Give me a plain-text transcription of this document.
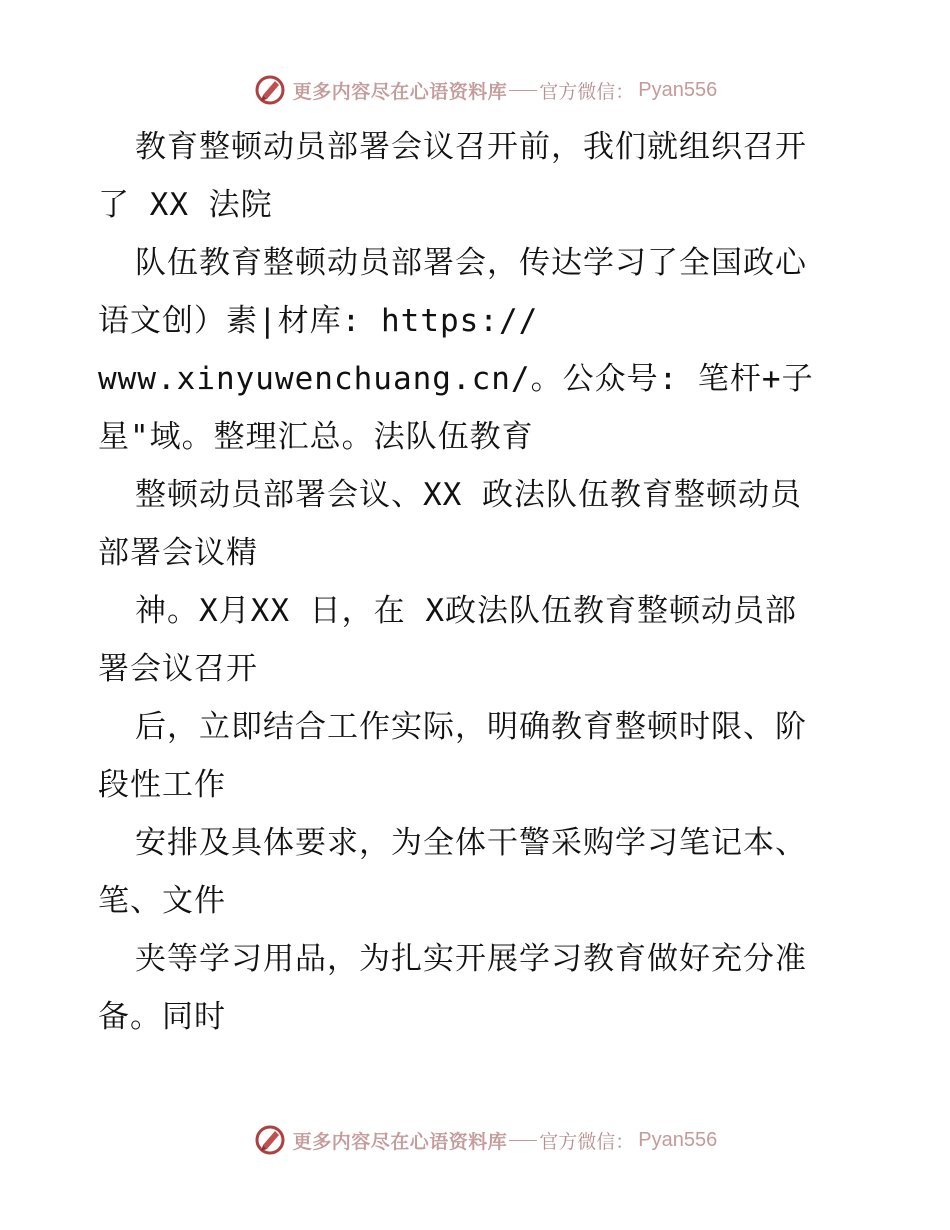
更多内容尽在心语资料库 官方微信： Pyan556
教育整顿动员部署会议召开前，我们就组织召开
了 XX 法院
队伍教育整顿动员部署会，传达学习了全国政心
语文创）素|材库: https://
www.xinyuwenchuang.cn/。公众号: 笔杆+子
星"域。整理汇总。法队伍教育
整顿动员部署会议、XX 政法队伍教育整顿动员
部署会议精
神。X月XX 日，在 X政法队伍教育整顿动员部
署会议召开
后，立即结合工作实际，明确教育整顿时限、阶
段性工作
安排及具体要求，为全体干警采购学习笔记本、
笔、文件
夹等学习用品，为扎实开展学习教育做好充分准
备。同时
更多内容尽在心语资料库 官方微信： Pyan556
